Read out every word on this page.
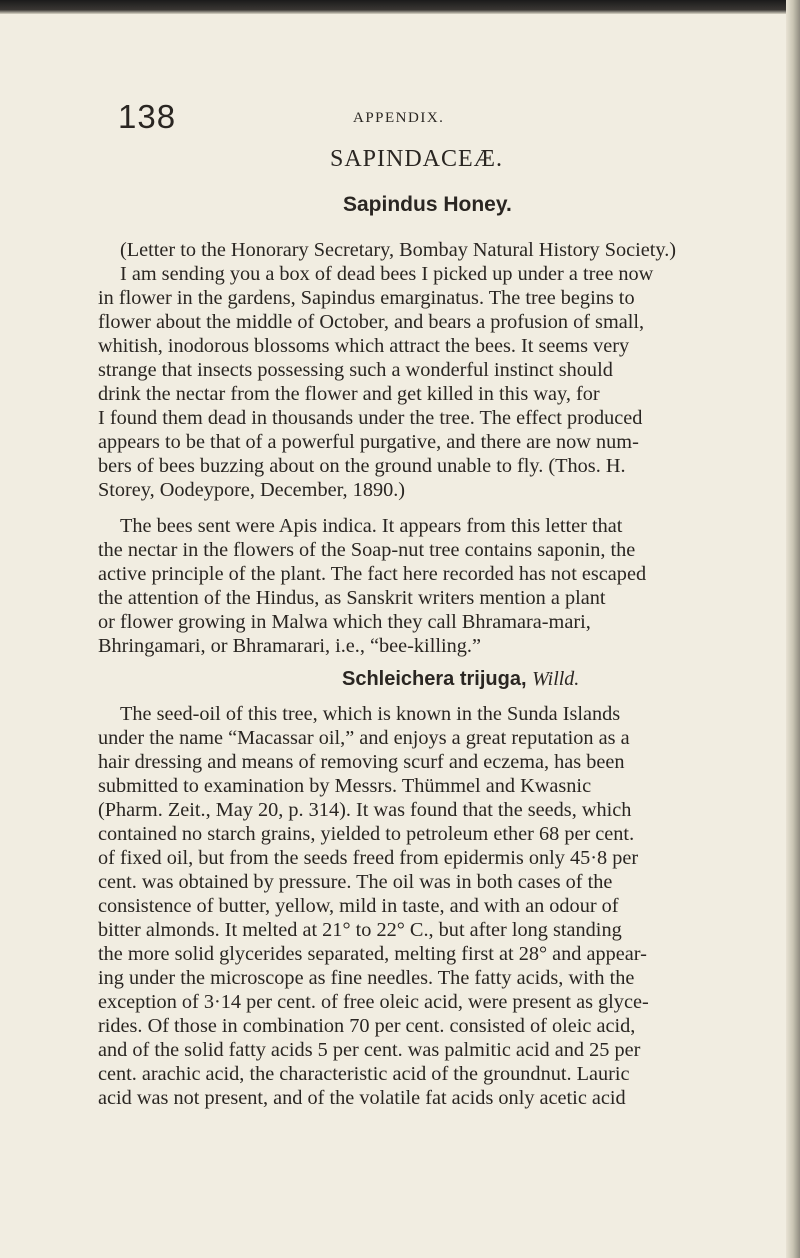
138	APPENDIX.
SAPINDACEÆ.
Sapindus Honey.
(Letter to the Honorary Secretary, Bombay Natural History Society.)
I am sending you a box of dead bees I picked up under a tree now
in flower in the gardens, Sapindus emarginatus. The tree begins to
flower about the middle of October, and bears a profusion of small,
whitish, inodorous blossoms which attract the bees. It seems very
strange that insects possessing such a wonderful instinct should
drink the nectar from the flower and get killed in this way, for
I found them dead in thousands under the tree. The effect produced
appears to be that of a powerful purgative, and there are now num-
bers of bees buzzing about on the ground unable to fly. (Thos. H.
Storey, Oodeypore, December, 1890.)
The bees sent were Apis indica. It appears from this letter that
the nectar in the flowers of the Soap-nut tree contains saponin, the
active principle of the plant. The fact here recorded has not escaped
the attention of the Hindus, as Sanskrit writers mention a plant
or flower growing in Malwa which they call Bhramara-mari,
Bhringamari, or Bhramarari, i.e., “bee-killing.”
Schleichera trijuga, Willd.
The seed-oil of this tree, which is known in the Sunda Islands
under the name “Macassar oil,” and enjoys a great reputation as a
hair dressing and means of removing scurf and eczema, has been
submitted to examination by Messrs. Thümmel and Kwasnic
(Pharm. Zeit., May 20, p. 314). It was found that the seeds, which
contained no starch grains, yielded to petroleum ether 68 per cent.
of fixed oil, but from the seeds freed from epidermis only 45·8 per
cent. was obtained by pressure. The oil was in both cases of the
consistence of butter, yellow, mild in taste, and with an odour of
bitter almonds. It melted at 21° to 22° C., but after long standing
the more solid glycerides separated, melting first at 28° and appear-
ing under the microscope as fine needles. The fatty acids, with the
exception of 3·14 per cent. of free oleic acid, were present as glyce-
rides. Of those in combination 70 per cent. consisted of oleic acid,
and of the solid fatty acids 5 per cent. was palmitic acid and 25 per
cent. arachic acid, the characteristic acid of the groundnut. Lauric
acid was not present, and of the volatile fat acids only acetic acid
